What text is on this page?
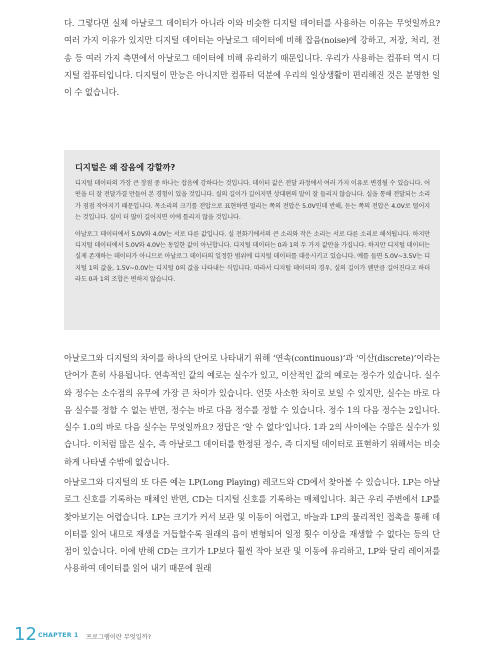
다. 그렇다면 실제 아날로그 데이터가 아니라 이와 비슷한 디지털 데이터를 사용하는 이유는 무엇일까요? 여러 가지 이유가 있지만 디지털 데이터는 아날로그 데이터에 비해 잡음(noise)에 강하고, 저장, 처리, 전송 등 여러 가지 측면에서 아날로그 데이터에 비해 유리하기 때문입니다. 우리가 사용하는 컴퓨터 역시 디지털 컴퓨터입니다. 디지털이 만능은 아니지만 컴퓨터 덕분에 우리의 일상생활이 편리해진 것은 분명한 일이 수 없습니다.

디지털은 왜 잡음에 강할까?

디지털 데이터의 가장 큰 장점 중 하나는 잡음에 강하다는 것입니다. 데이터 값은 전달 과정에서 여러 가지 이유로 변경될 수 있습니다. 어떤을 더 잘 전달가결 만들어 본 경험이 있을 것입니다. 실의 길이가 길어지면 상대편의 말이 잘 들리지 않습니다. 실을 통해 전달되는 소리가 점점 작아지기 때문입니다. 목소리의 크기를 전압으로 표현하면 멀리는 쪽의 전압은 5.0V인데 반해, 듣는 쪽의 전압은 4.0V로 떨어지는 것입니다. 실이 더 많이 길어지면 이에 틀리지 않을 것입니다.

아날로그 데이터에서 5.0V와 4.0V는 서로 다른 값입니다. 실 전화기에서의 큰 소리와 작은 소리는 서로 다른 소리로 해석됩니다. 하지만 디지털 데이터에서 5.0V와 4.0V는 동일한 값이 아닌합니다. 디지털 데이터는 0과 1의 두 가지 값만을 가집니다. 하지만 디지털 데이터는 실제 존재하는 데이터가 아니므로 아날로그 데이터의 일정한 범위에 디지털 데이터를 대응시키고 있습니다. 예를 들면 5.0V~3.5V는 디지털 1의 값을, 1.5V~0.0V는 디지털 0의 값을 나타내는 식입니다. 따라서 디지털 데이터의 경우, 실의 길이가 웬만큼 길어진다고 하더라도 0과 1의 조합은 변하지 않습니다.

아날로그와 디지털의 차이를 하나의 단어로 나타내기 위해 ‘연속(continuous)’과 ‘이산(discrete)’이라는 단어가 흔히 사용됩니다. 연속적인 값의 예로는 실수가 있고, 이산적인 값의 예로는 정수가 있습니다. 실수와 정수는 소수점의 유무에 가장 큰 차이가 있습니다. 언뜻 사소한 차이로 보일 수 있지만, 실수는 바로 다음 실수를 정할 수 없는 반면, 정수는 바로 다음 정수를 정할 수 있습니다. 정수 1의 다음 정수는 2입니다. 실수 1.0의 바로 다음 실수는 무엇일까요? 정답은 ‘알 수 없다’입니다. 1과 2의 사이에는 수많은 실수가 있습니다. 이처럼 많은 실수, 즉 아날로그 데이터를 한정된 정수, 즉 디지털 데이터로 표현하기 위해서는 비슷하게 나타낼 수밖에 없습니다.

아날로그와 디지털의 또 다른 예는 LP(Long Playing) 레코드와 CD에서 찾아볼 수 있습니다. LP는 아날로그 신호를 기록하는 매체인 반면, CD는 디지털 신호를 기록하는 매체입니다. 최근 우리 주변에서 LP를 찾아보기는 어렵습니다. LP는 크기가 커서 보관 및 이동이 어렵고, 바늘과 LP의 물리적인 접촉을 통해 데이터를 읽어 내므로 재생을 거듭할수록 원래의 음이 변형되어 일정 횟수 이상을 재생할 수 없다는 등의 단점이 있습니다. 이에 반해 CD는 크기가 LP보다 훨씬 작아 보관 및 이동에 유리하고, LP와 달리 레이저를 사용하여 데이터를 읽어 내기 때문에 원래

12 CHAPTER 1 프로그램이란 무엇일까?
